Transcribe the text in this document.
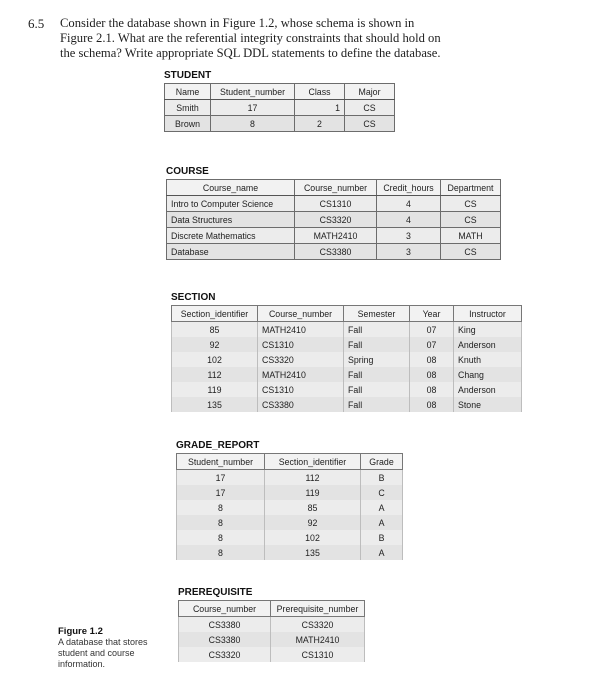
6.5 Consider the database shown in Figure 1.2, whose schema is shown in Figure 2.1. What are the referential integrity constraints that should hold on the schema? Write appropriate SQL DDL statements to define the database.
STUDENT
Name	Student_number	Class	Major
Smith	17	1	CS
Brown	8	2	CS
COURSE
Course_name	Course_number	Credit_hours	Department
Intro to Computer Science	CS1310	4	CS
Data Structures	CS3320	4	CS
Discrete Mathematics	MATH2410	3	MATH
Database	CS3380	3	CS
SECTION
Section_identifier	Course_number	Semester	Year	Instructor
85	MATH2410	Fall	07	King
92	CS1310	Fall	07	Anderson
102	CS3320	Spring	08	Knuth
112	MATH2410	Fall	08	Chang
119	CS1310	Fall	08	Anderson
135	CS3380	Fall	08	Stone
GRADE_REPORT
Student_number	Section_identifier	Grade
17	112	B
17	119	C
8	85	A
8	92	A
8	102	B
8	135	A
PREREQUISITE
Course_number	Prerequisite_number
CS3380	CS3320
CS3380	MATH2410
CS3320	CS1310
Figure 1.2
A database that stores student and course information.
